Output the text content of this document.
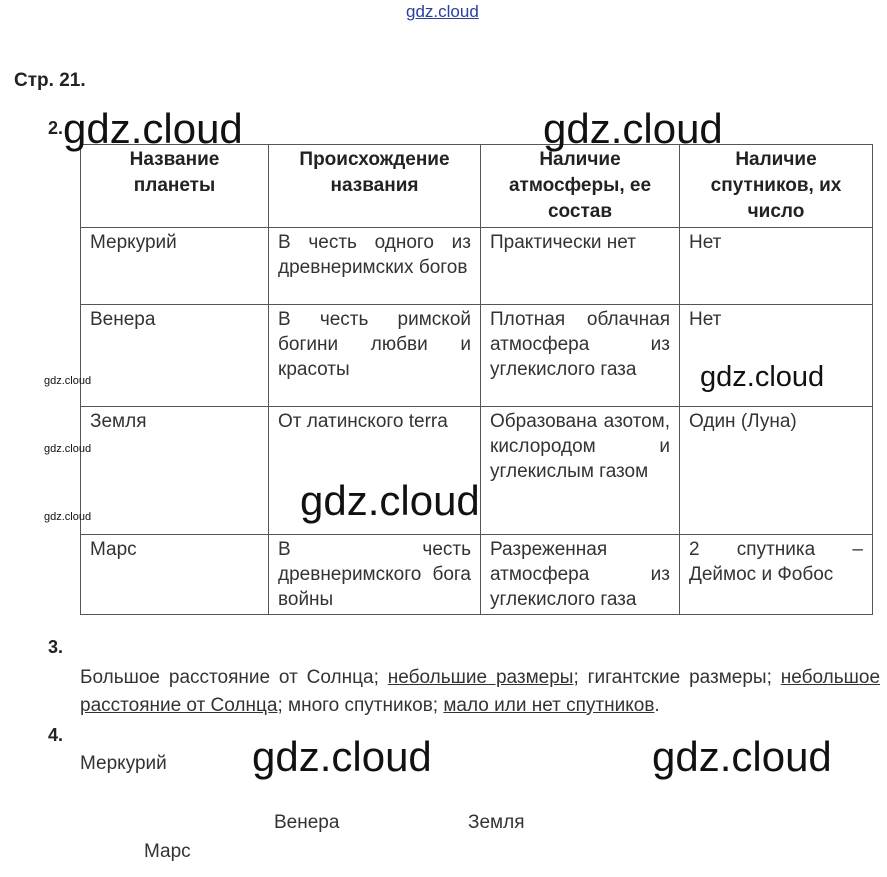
gdz.cloud
Стр. 21.
2.
Название планеты	Происхождение названия	Наличие атмосферы, ее состав	Наличие спутников, их число
Меркурий	В честь одного из древнеримских богов	Практически нет	Нет
Венера	В честь римской богини любви и красоты	Плотная облачная атмосфера из углекислого газа	Нет
Земля	От латинского terra	Образована азотом, кислородом и углекислым газом	Один (Луна)
Марс	В честь древнеримского бога войны	Разреженная атмосфера из углекислого газа	2 спутника – Деймос и Фобос
3.
Большое расстояние от Солнца; небольшие размеры; гигантские размеры; небольшое расстояние от Солнца; много спутников; мало или нет спутников.
4.
Меркурий
Венера	Земля
Марс
gdz.cloud	gdz.cloud
gdz.cloud
gdz.cloud
gdz.cloud	gdz.cloud
gdz.cloud
gdz.cloud
gdz.cloud
